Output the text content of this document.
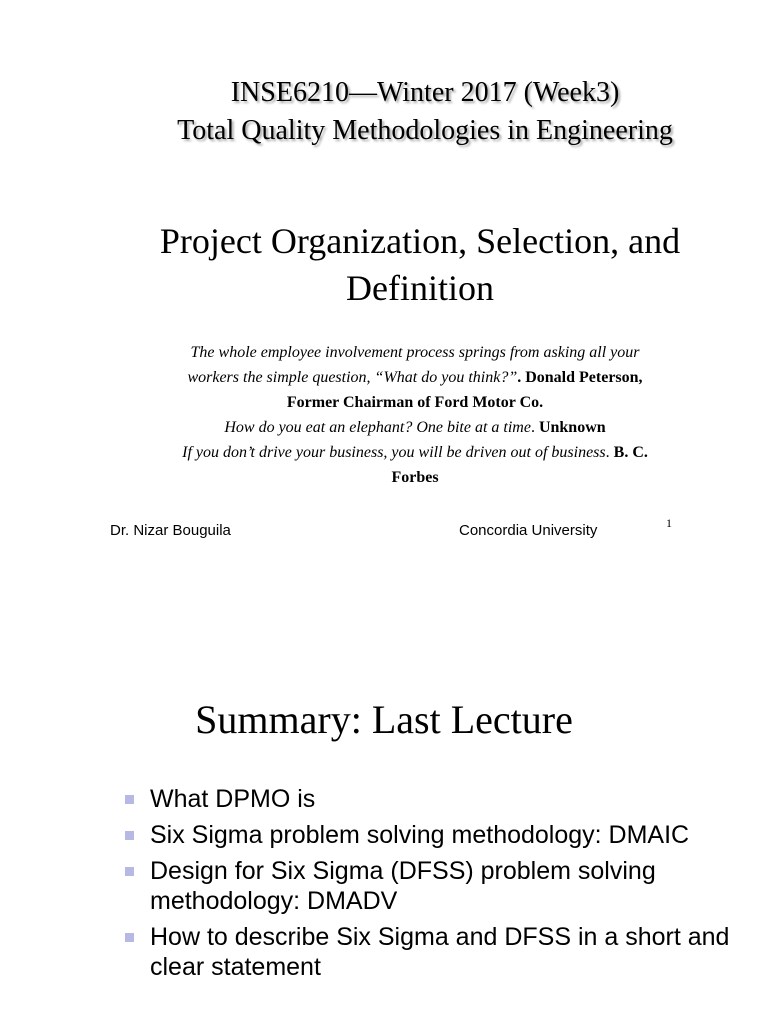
INSE6210—Winter 2017 (Week3)
Total Quality Methodologies in Engineering
Project Organization, Selection, and
Definition
The whole employee involvement process springs from asking all your
workers the simple question, “What do you think?”. Donald Peterson,
Former Chairman of Ford Motor Co.
How do you eat an elephant? One bite at a time. Unknown
If you don’t drive your business, you will be driven out of business. B. C.
Forbes
Dr. Nizar Bouguila	Concordia University	1
Summary: Last Lecture
What DPMO is
Six Sigma problem solving methodology: DMAIC
Design for Six Sigma (DFSS) problem solving methodology: DMADV
How to describe Six Sigma and DFSS in a short and clear statement
